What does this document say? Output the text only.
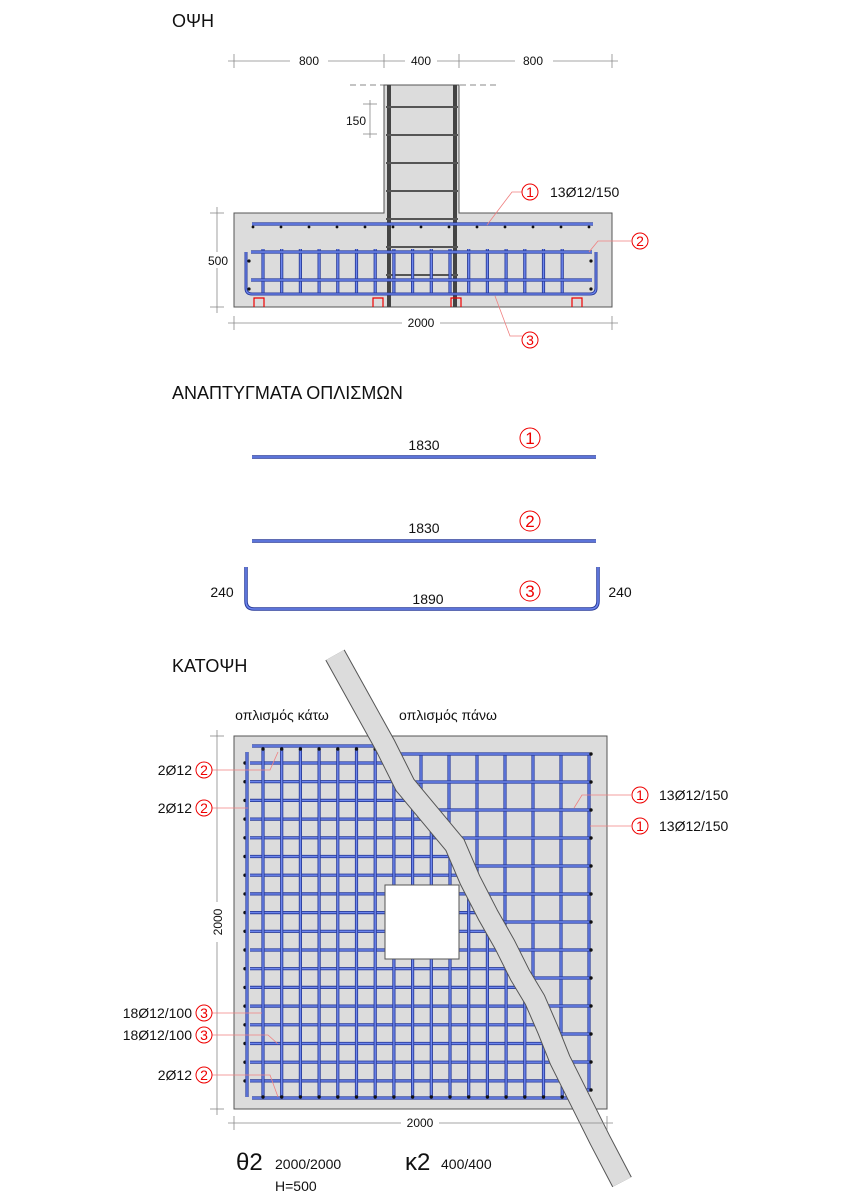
ΟΨΗ
800	400	800
150
500
2000
1 13Ø12/150
2
3
ΑΝΑΠΤΥΓΜΑΤΑ ΟΠΛΙΣΜΩΝ
1830	1
1830	2
240	240
1890	3
ΚΑΤΟΨΗ
οπλισμός κάτω	οπλισμός πάνω
2000
2000
2
2Ø12
2
2Ø12
3
18Ø12/100
3
18Ø12/100
2
2Ø12
1 13Ø12/150
1 13Ø12/150
θ2 2000/2000
H=500
κ2 400/400
